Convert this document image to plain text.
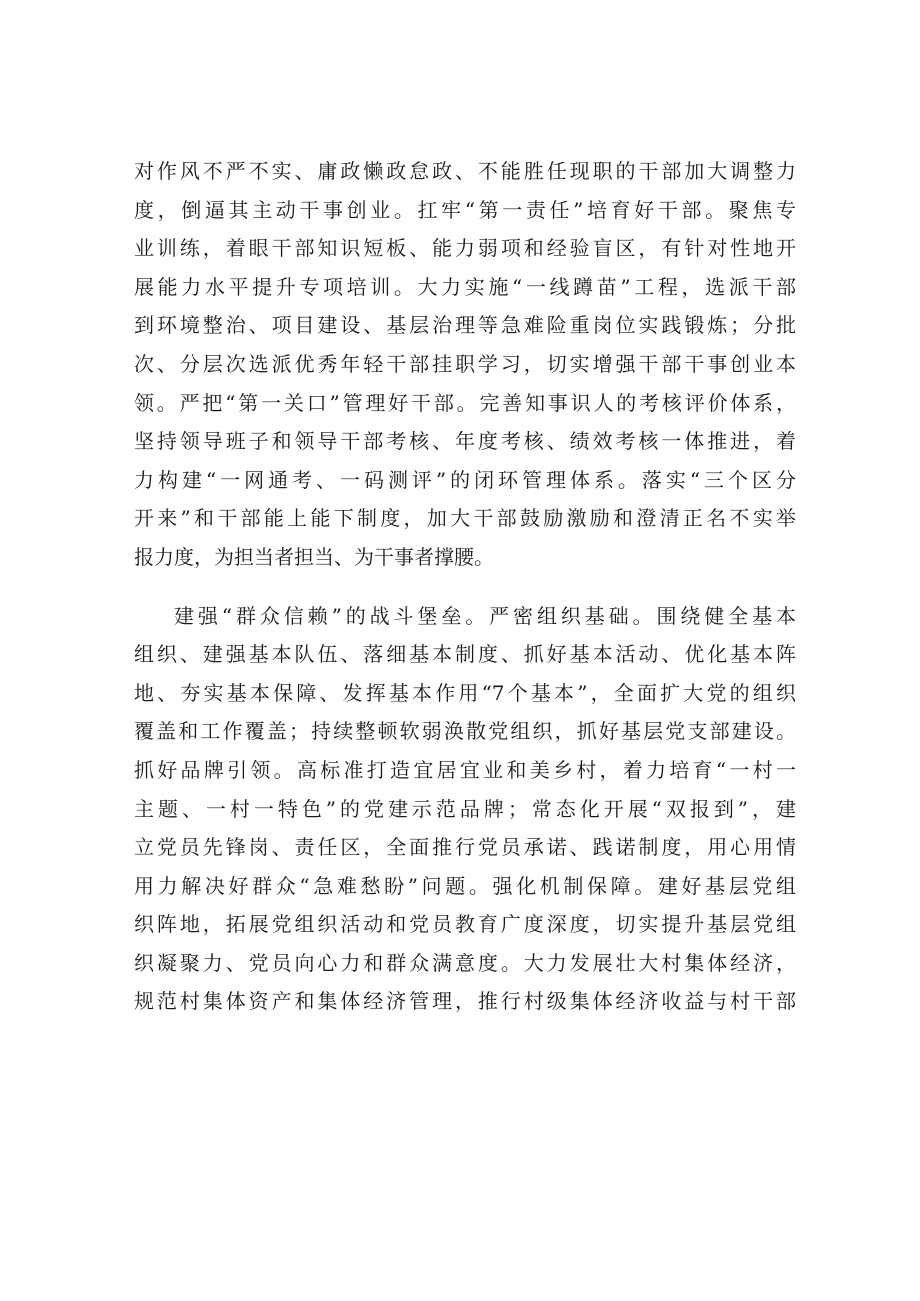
对作风不严不实、庸政懒政怠政、不能胜任现职的干部加大调整力
度，倒逼其主动干事创业。扛牢“第一责任”培育好干部。聚焦专
业训练，着眼干部知识短板、能力弱项和经验盲区，有针对性地开
展能力水平提升专项培训。大力实施“一线蹲苗”工程，选派干部
到环境整治、项目建设、基层治理等急难险重岗位实践锻炼；分批
次、分层次选派优秀年轻干部挂职学习，切实增强干部干事创业本
领。严把“第一关口”管理好干部。完善知事识人的考核评价体系，
坚持领导班子和领导干部考核、年度考核、绩效考核一体推进，着
力构建“一网通考、一码测评”的闭环管理体系。落实“三个区分
开来”和干部能上能下制度，加大干部鼓励激励和澄清正名不实举
报力度，为担当者担当、为干事者撑腰。
建强“群众信赖”的战斗堡垒。严密组织基础。围绕健全基本
组织、建强基本队伍、落细基本制度、抓好基本活动、优化基本阵
地、夯实基本保障、发挥基本作用“7个基本”，全面扩大党的组织
覆盖和工作覆盖；持续整顿软弱涣散党组织，抓好基层党支部建设。
抓好品牌引领。高标准打造宜居宜业和美乡村，着力培育“一村一
主题、一村一特色”的党建示范品牌；常态化开展“双报到”，建
立党员先锋岗、责任区，全面推行党员承诺、践诺制度，用心用情
用力解决好群众“急难愁盼”问题。强化机制保障。建好基层党组
织阵地，拓展党组织活动和党员教育广度深度，切实提升基层党组
织凝聚力、党员向心力和群众满意度。大力发展壮大村集体经济，
规范村集体资产和集体经济管理，推行村级集体经济收益与村干部
